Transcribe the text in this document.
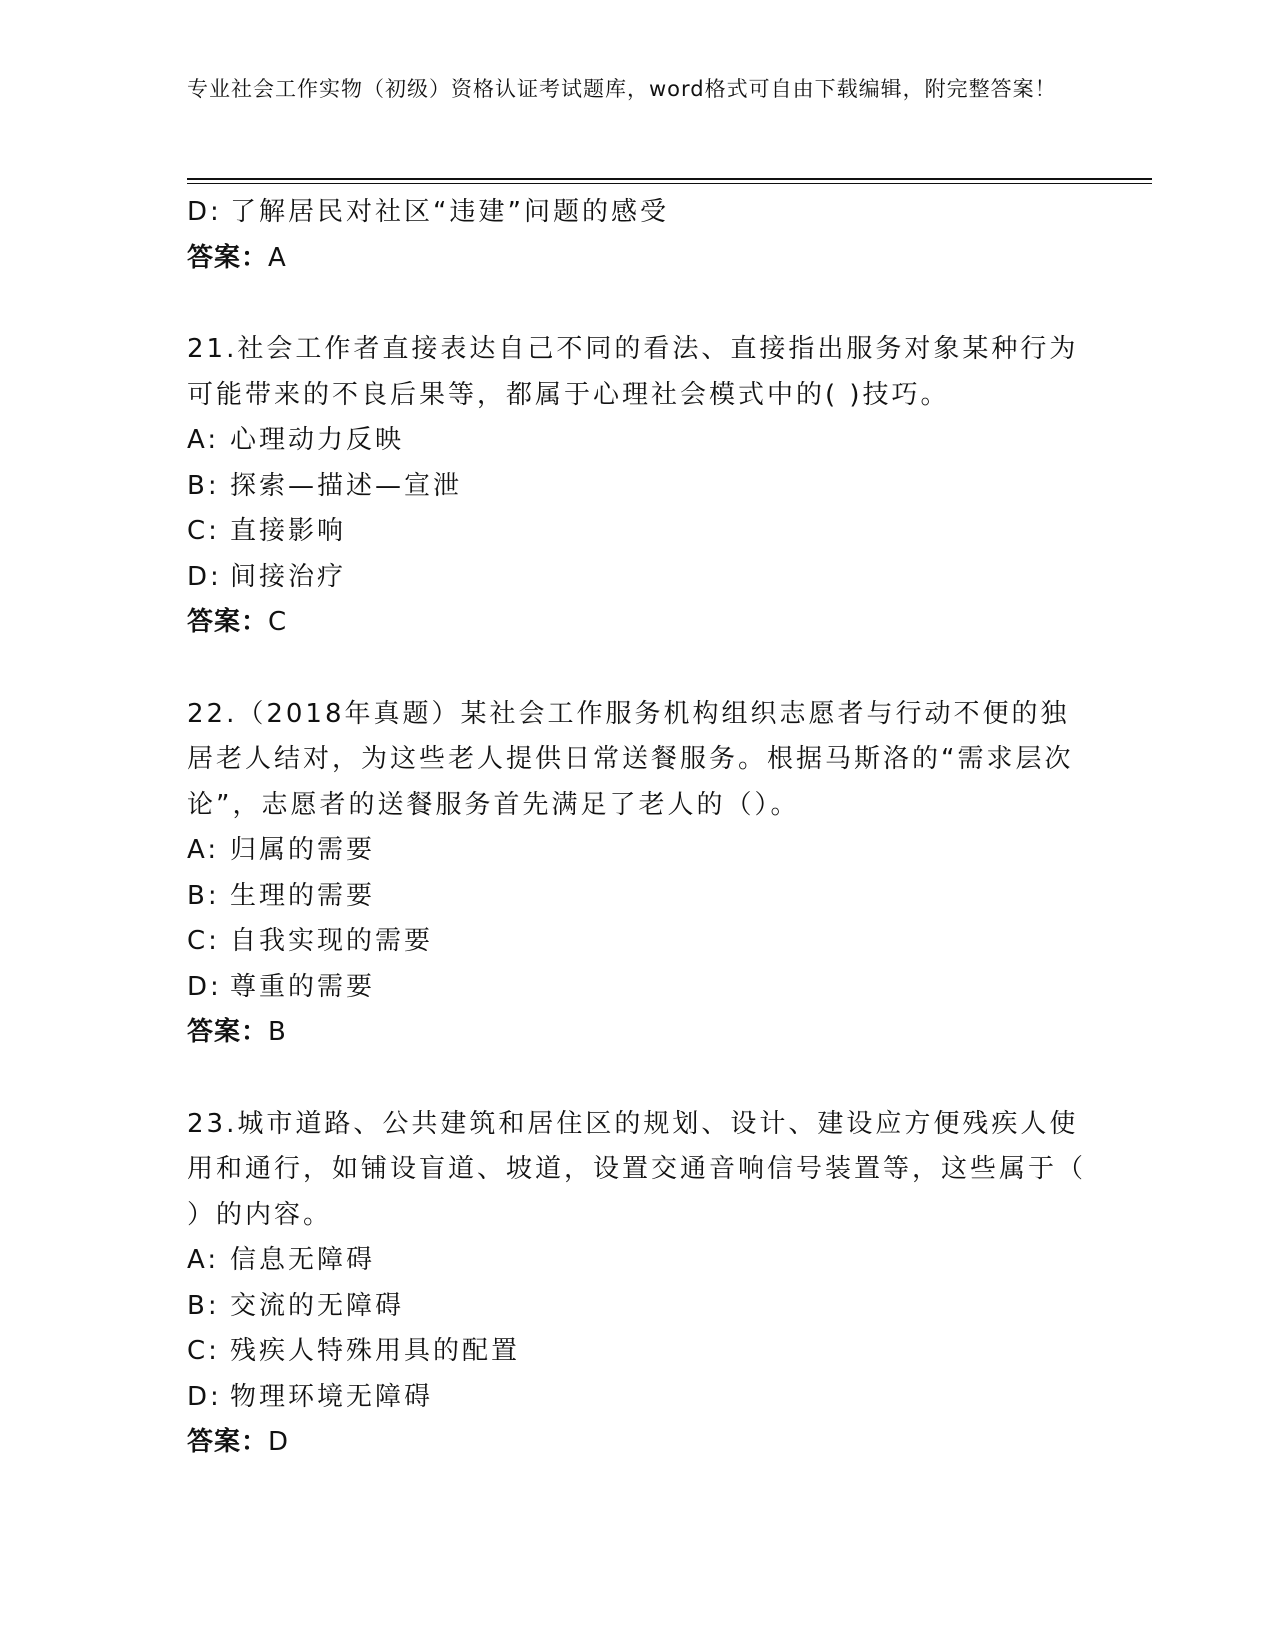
专业社会工作实物（初级）资格认证考试题库，word格式可自由下载编辑，附完整答案！
D: 了解居民对社区“违建”问题的感受
答案：A
21.社会工作者直接表达自己不同的看法、直接指出服务对象某种行为可能带来的不良后果等，都属于心理社会模式中的( )技巧。
A: 心理动力反映
B: 探索—描述—宣泄
C: 直接影响
D: 间接治疗
答案：C
22.（2018年真题）某社会工作服务机构组织志愿者与行动不便的独居老人结对，为这些老人提供日常送餐服务。根据马斯洛的“需求层次论”，志愿者的送餐服务首先满足了老人的（）。
A: 归属的需要
B: 生理的需要
C: 自我实现的需要
D: 尊重的需要
答案：B
23.城市道路、公共建筑和居住区的规划、设计、建设应方便残疾人使用和通行，如铺设盲道、坡道，设置交通音响信号装置等，这些属于（ ）的内容。
A: 信息无障碍
B: 交流的无障碍
C: 残疾人特殊用具的配置
D: 物理环境无障碍
答案：D
